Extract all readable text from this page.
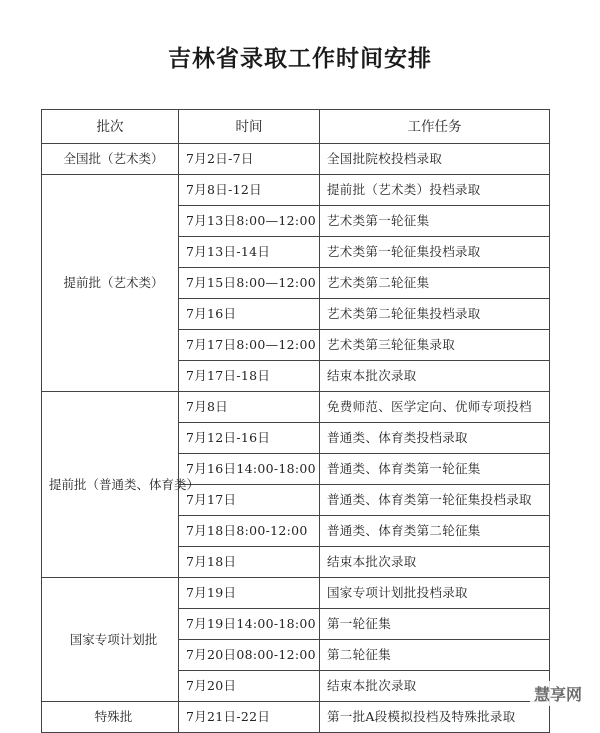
吉林省录取工作时间安排
批次	时间	工作任务
全国批（艺术类）	7月2日-7日	全国批院校投档录取
提前批（艺术类）	7月8日-12日	提前批（艺术类）投档录取
	7月13日8:00—12:00	艺术类第一轮征集
	7月13日-14日	艺术类第一轮征集投档录取
	7月15日8:00—12:00	艺术类第二轮征集
	7月16日	艺术类第二轮征集投档录取
	7月17日8:00—12:00	艺术类第三轮征集录取
	7月17日-18日	结束本批次录取
提前批（普通类、体育类）	7月8日	免费师范、医学定向、优师专项投档
	7月12日-16日	普通类、体育类投档录取
	7月16日14:00-18:00	普通类、体育类第一轮征集
	7月17日	普通类、体育类第一轮征集投档录取
	7月18日8:00-12:00	普通类、体育类第二轮征集
	7月18日	结束本批次录取
国家专项计划批	7月19日	国家专项计划批投档录取
	7月19日14:00-18:00	第一轮征集
	7月20日08:00-12:00	第二轮征集
	7月20日	结束本批次录取
特殊批	7月21日-22日	第一批A段模拟投档及特殊批录取
慧享网
